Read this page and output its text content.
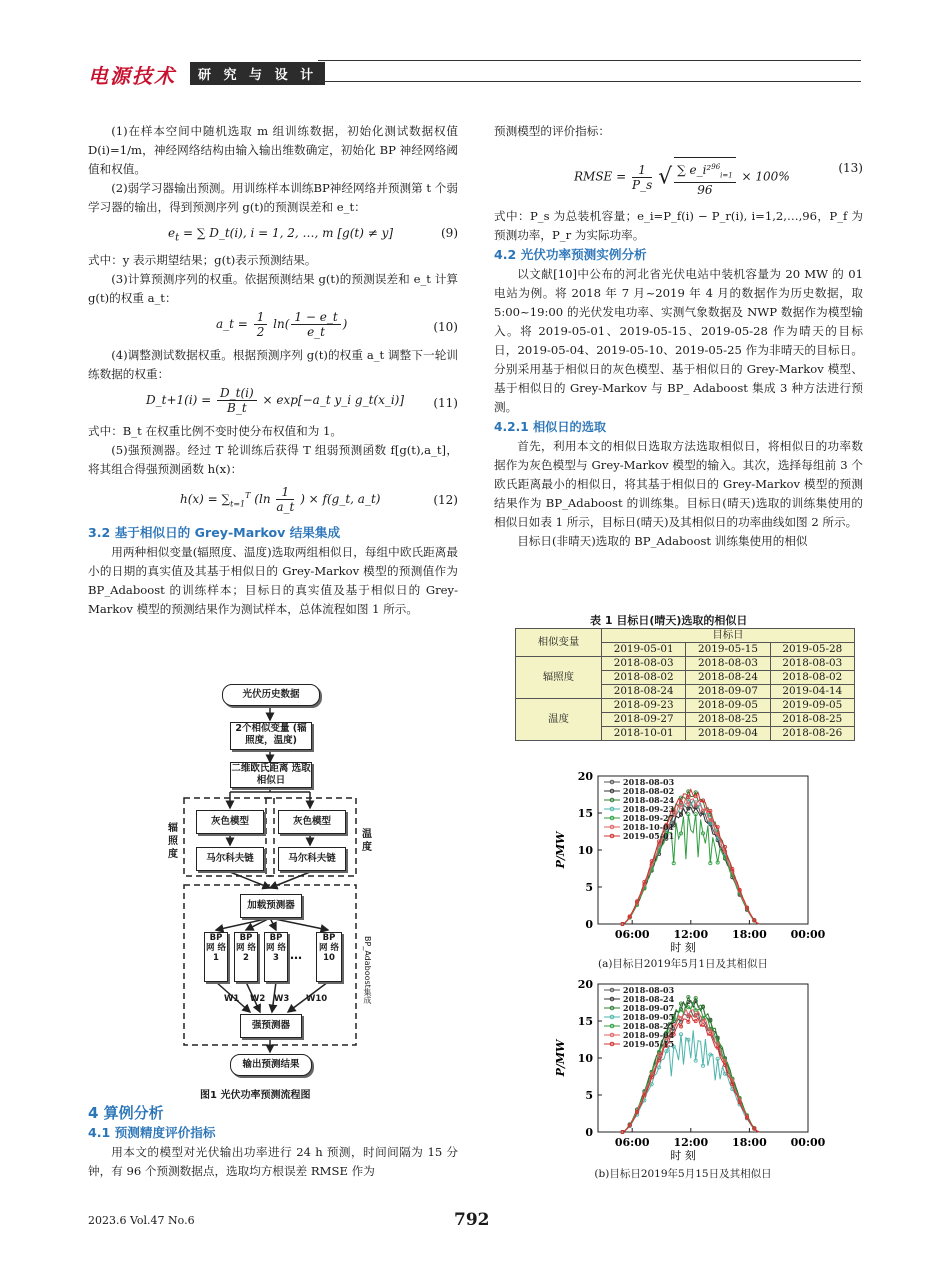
电源技术	研 究 与 设 计

(1)在样本空间中随机选取 m 组训练数据，初始化测试数据权值 D(i)=1/m，神经网络结构由输入输出维数确定，初始化 BP 神经网络阈值和权值。

(2)弱学习器输出预测。用训练样本训练BP神经网络并预测第 t 个弱学习器的输出，得到预测序列 g(t)的预测误差和 e_t：

$e_t$ = ∑ D_t(i), i = 1, 2, …, m [g(t) ≠ y]	(9)

式中：y 表示期望结果；g(t)表示预测结果。

(3)计算预测序列的权重。依据预测结果 g(t)的预测误差和 e_t 计算 g(t)的权重 a_t：

a_t = $\frac{1}{2} \ln( \frac{1 - e\_t}{e\_t}$ )	(10)

(4)调整测试数据权重。根据预测序列 g(t)的权重 a_t 调整下一轮训练数据的权重：

D_t+1(i) = $\frac{D\_t(i)}{B\_t}$ × exp[−a_t y_i g_t(x_i)] (11)

式中：B_t 在权重比例不变时使分布权值和为 1。

(5)强预测器。经过 T 轮训练后获得 T 组弱预测函数 f[g(t),a_t]，将其组合得强预测函数 h(x)：

$h(x) = \sum_{t=1}^T$ ($\ln \frac{1}{a\_t}$ ) × f(g_t, a_t)	(12)

3.2 基于相似日的 Grey-Markov 结果集成

用两种相似变量(辐照度、温度)选取两组相似日，每组中欧氏距离最小的日期的真实值及其基于相似日的 Grey-Markov 模型的预测值作为 BP_Adaboost 的训练样本；目标日的真实值及基于相似日的 Grey-Markov 模型的预测结果作为测试样本，总体流程如图 1 所示。

光伏历史数据
2个相似变量 (辐照度，温度)
二维欧氏距离 选取相似日
灰色模型	灰色模型
马尔科夫链	马尔科夫链
辐照度
温度
加载预测器
BP 网 络 1
BP 网 络 2
BP 网 络 3 …
BP 网 络 10
W1 W2 W3 W10
强预测器
BP_Adaboost集成
输出预测结果
图1 光伏功率预测流程图

4 算例分析

4.1 预测精度评价指标

用本文的模型对光伏输出功率进行 24 h 预测，时间间隔为 15 分钟，有 96 个预测数据点，选取均方根误差 RMSE 作为

预测模型的评价指标：

RMSE = $\frac{1}{P\_s}$ √ $\frac{\sum e\_i^2^{96}_{i=1}}{96} \times 100\%$
(13)

式中：P_s 为总装机容量；e_i=P_f(i) − P_r(i), i=1,2,…,96，P_f 为预测功率，P_r 为实际功率。

4.2 光伏功率预测实例分析

以文献[10]中公布的河北省光伏电站中装机容量为 20 MW 的 01 电站为例。将 2018 年 7 月~2019 年 4 月的数据作为历史数据，取 5:00~19:00 的光伏发电功率、实测气象数据及 NWP 数据作为模型输入。将 2019-05-01、2019-05-15、2019-05-28 作为晴天的目标日，2019-05-04、2019-05-10、2019-05-25 作为非晴天的目标日。分别采用基于相似日的灰色模型、基于相似日的 Grey-Markov 模型、基于相似日的 Grey-Markov 与 BP_ Adaboost 集成 3 种方法进行预测。

4.2.1 相似日的选取

首先，利用本文的相似日选取方法选取相似日，将相似日的功率数据作为灰色模型与 Grey-Markov 模型的输入。其次，选择每组前 3 个欧氏距离最小的相似日，将其基于相似日的 Grey-Markov 模型的预测结果作为 BP_Adaboost 的训练集。目标日(晴天)选取的训练集使用的相似日如表 1 所示，目标日(晴天)及其相似日的功率曲线如图 2 所示。

目标日(非晴天)选取的 BP_Adaboost 训练集使用的相似

表 1 目标日(晴天)选取的相似日
相似变量	目标日		
	2019-05-01	2019-05-15	2019-05-28
辐照度	2018-08-03	2018-08-03	2018-08-03
	2018-08-02	2018-08-24	2018-08-02
	2018-08-24	2018-09-07	2019-04-14
温度	2018-09-23	2018-09-05	2019-09-05
	2018-09-27	2018-08-25	2018-08-25
	2018-10-01	2018-09-04	2018-08-26
0
5
10
15
20
06:00 12:00 18:00 00:00
时 刻
P/MW
2018-08-03
2018-08-02
2018-08-24
2018-09-23
2018-09-27
2018-10-01
2019-05-01
(a)目标日2019年5月1日及其相似日
0
5
10
15
20
06:00 12:00 18:00 00:00
时 刻
P/MW
2018-08-03
2018-08-24
2018-09-07
2018-09-05
2018-08-25
2018-09-04
2019-05-15
(b)目标日2019年5月15日及其相似日
2023.6 Vol.47 No.6	792
